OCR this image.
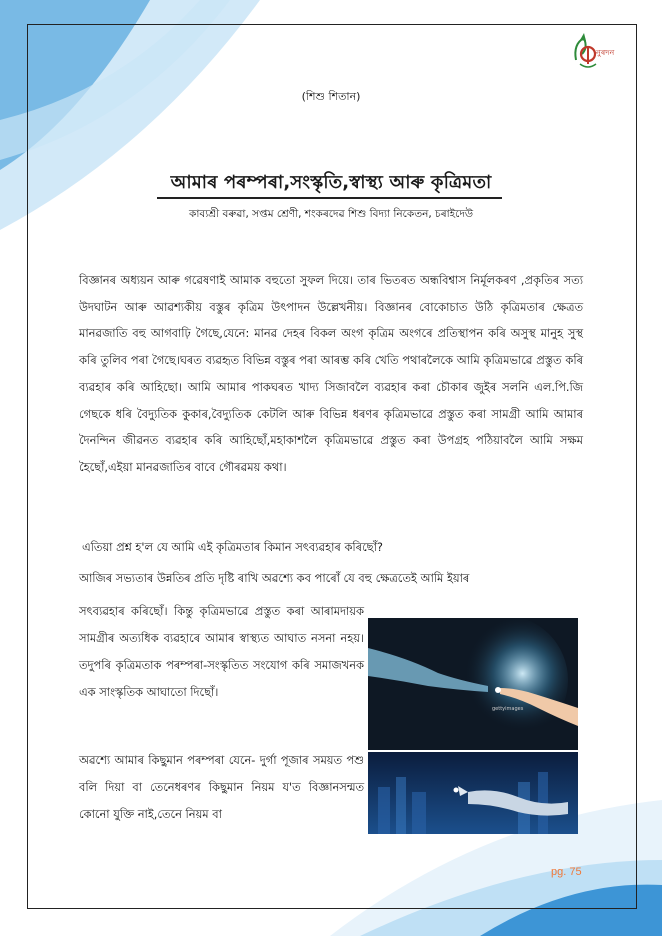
নুৰদন
(শিশু শিতান)
আমাৰ পৰম্পৰা,সংস্কৃতি,স্বাস্থ্য আৰু কৃত্ৰিমতা
কাব্যশ্ৰী বৰুৱা, সপ্তম শ্ৰেণী, শংকৰদেৱ শিশু বিদ্যা নিকেতন, চৰাইদেউ

বিজ্ঞানৰ অধ্যয়ন আৰু গৱেষণাই আমাক বহুতো সুফল দিয়ে। তাৰ ভিতৰত অন্ধবিশ্বাস নিৰ্মূলকৰণ ,প্ৰকৃতিৰ সত্য উদঘাটন আৰু আৱশ্যকীয় বস্তুৰ কৃত্ৰিম উৎপাদন উল্লেখনীয়। বিজ্ঞানৰ বোকোচাত উঠি কৃত্ৰিমতাৰ ক্ষেত্ৰত মানৱজাতি বহু আগবাঢ়ি গৈছে,যেনে: মানৱ দেহৰ বিকল অংগ কৃত্ৰিম অংগৰে প্ৰতিস্থাপন কৰি অসুস্থ মানুহ সুস্থ কৰি তুলিব পৰা গৈছে।ঘৰত ব্যৱহৃত বিভিন্ন বস্তুৰ পৰা আৰম্ভ কৰি খেতি পথাৰলৈকে আমি কৃত্ৰিমভাৱে প্ৰস্তুত কৰি ব্যৱহাৰ কৰি আহিছো। আমি আমাৰ পাকঘৰত খাদ্য সিজাবলৈ ব্যৱহাৰ কৰা চৌকাৰ জুইৰ সলনি এল.পি.জি গেছকে ধৰি বৈদ্যুতিক কুকাৰ,বৈদ্যুতিক কেটলি আৰু বিভিন্ন ধৰণৰ কৃত্ৰিমভাৱে প্ৰস্তুত কৰা সামগ্ৰী আমি আমাৰ দৈনন্দিন জীৱনত ব্যৱহাৰ কৰি আহিছোঁ,মহাকাশলৈ কৃত্ৰিমভাৱে প্ৰস্তুত কৰা উপগ্ৰহ পঠিয়াবলৈ আমি সক্ষম হৈছোঁ,এইয়া মানৱজাতিৰ বাবে গৌৰৱময় কথা।

এতিয়া প্ৰশ্ন হ'ল যে আমি এই কৃত্ৰিমতাৰ কিমান সৎব্যৱহাৰ কৰিছোঁ?
আজিৰ সভ্যতাৰ উন্নতিৰ প্ৰতি দৃষ্টি ৰাখি অৱশ্যে কব পাৰোঁ যে বহু ক্ষেত্ৰতেই আমি ইয়াৰ

সৎব্যৱহাৰ কৰিছোঁ। কিন্তু কৃত্ৰিমভাৱে প্ৰস্তুত কৰা আৰামদায়ক সামগ্ৰীৰ অত্যধিক ব্যৱহাৰে আমাৰ স্বাস্থ্যত আঘাত নসনা নহয়।তদুপৰি কৃত্ৰিমতাক পৰম্পৰা-সংস্কৃতিত সংযোগ কৰি সমাজখনক এক সাংস্কৃতিক আঘাতো দিছোঁ।

gettyimages

অৱশ্যে আমাৰ কিছুমান পৰম্পৰা যেনে- দুৰ্গা পূজাৰ সময়ত পশু বলি দিয়া বা তেনেধৰণৰ কিছুমান নিয়ম য'ত বিজ্ঞানসন্মত কোনো যুক্তি নাই,তেনে নিয়ম বা

pg. 75
